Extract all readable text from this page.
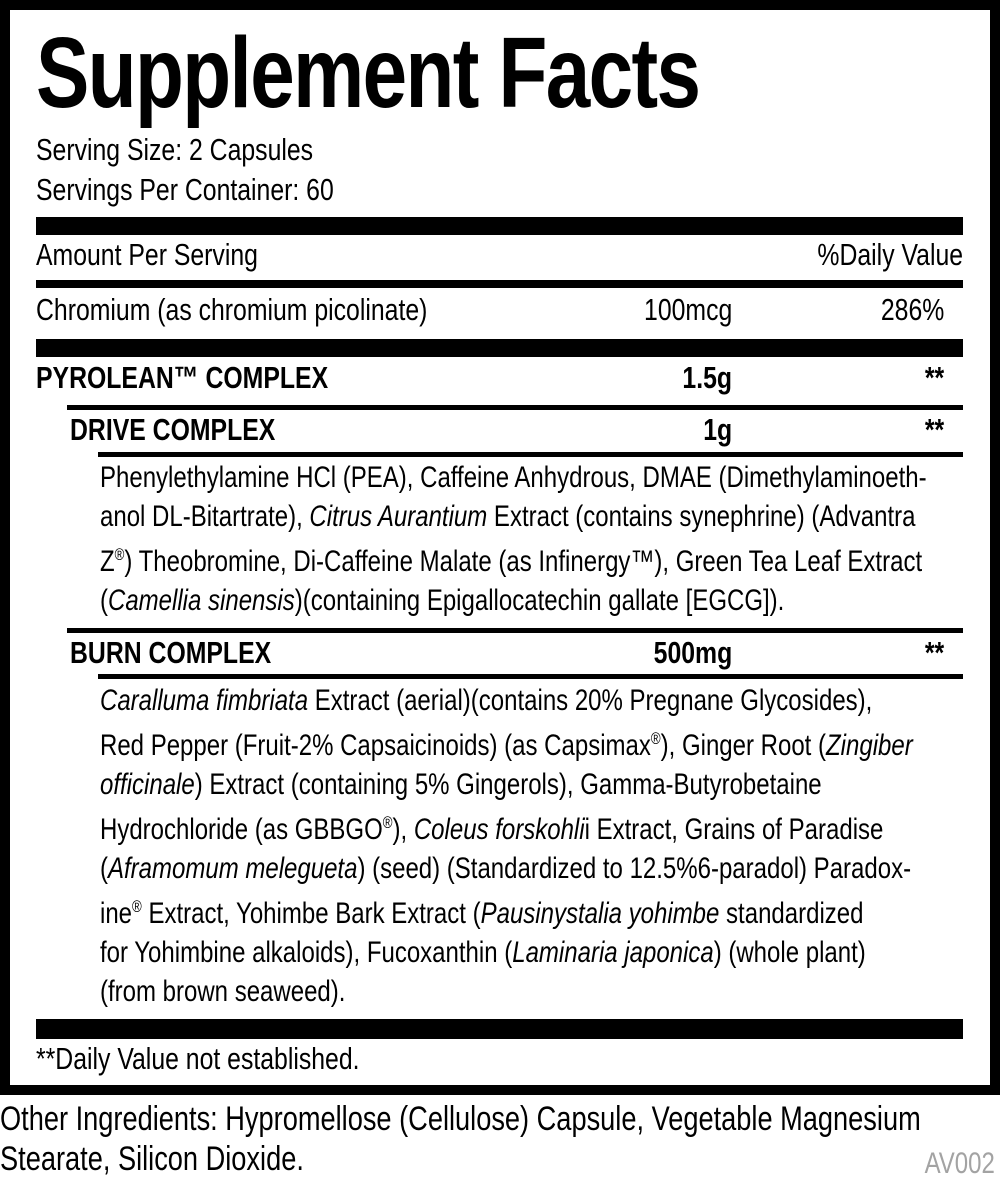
Supplement Facts
Serving Size: 2 Capsules
Servings Per Container: 60
Amount Per Serving	%Daily Value
Chromium (as chromium picolinate)	100mcg	286%
PYROLEAN™ COMPLEX	1.5g	**
DRIVE COMPLEX	1g	**
Phenylethylamine HCl (PEA), Caffeine Anhydrous, DMAE (Dimethylaminoeth-
anol DL-Bitartrate), Citrus Aurantium Extract (contains synephrine) (Advantra
Z®) Theobromine, Di-Caffeine Malate (as Infinergy™), Green Tea Leaf Extract
(Camellia sinensis)(containing Epigallocatechin gallate [EGCG]).
BURN COMPLEX	500mg	**
Caralluma fimbriata Extract (aerial)(contains 20% Pregnane Glycosides),
Red Pepper (Fruit-2% Capsaicinoids) (as Capsimax®), Ginger Root (Zingiber
officinale) Extract (containing 5% Gingerols), Gamma-Butyrobetaine
Hydrochloride (as GBBGO®), Coleus forskohlii Extract, Grains of Paradise
(Aframomum melegueta) (seed) (Standardized to 12.5%6-paradol) Paradox-
ine® Extract, Yohimbe Bark Extract (Pausinystalia yohimbe standardized
for Yohimbine alkaloids), Fucoxanthin (Laminaria japonica) (whole plant)
(from brown seaweed).
**Daily Value not established.
Other Ingredients: Hypromellose (Cellulose) Capsule, Vegetable Magnesium
Stearate, Silicon Dioxide.	AV002
